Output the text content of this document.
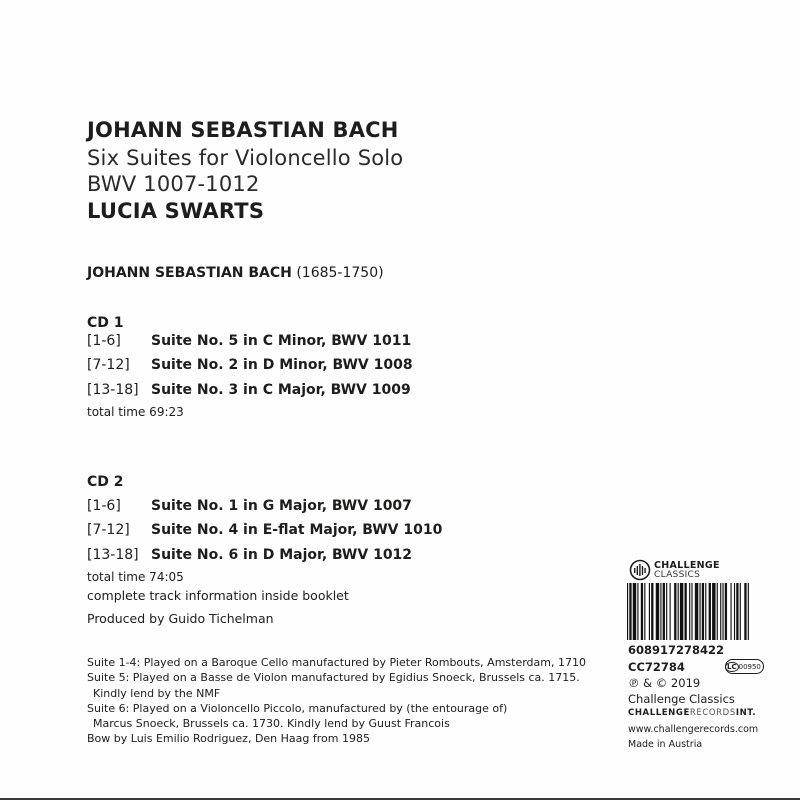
JOHANN SEBASTIAN BACH
Six Suites for Violoncello Solo
BWV 1007-1012
LUCIA SWARTS
JOHANN SEBASTIAN BACH (1685-1750)
CD 1
[1-6] Suite No. 5 in C Minor, BWV 1011
[7-12] Suite No. 2 in D Minor, BWV 1008
[13-18] Suite No. 3 in C Major, BWV 1009
total time 69:23
CD 2
[1-6] Suite No. 1 in G Major, BWV 1007
[7-12] Suite No. 4 in E-flat Major, BWV 1010
[13-18] Suite No. 6 in D Major, BWV 1012
total time 74:05
complete track information inside booklet
Produced by Guido Tichelman
Suite 1-4: Played on a Baroque Cello manufactured by Pieter Rombouts, Amsterdam, 1710
Suite 5: Played on a Basse de Violon manufactured by Egidius Snoeck, Brussels ca. 1715.
Kindly lend by the NMF
Suite 6: Played on a Violoncello Piccolo, manufactured by (the entourage of)
Marcus Snoeck, Brussels ca. 1730. Kindly lend by Guust Francois
Bow by Luis Emilio Rodriguez, Den Haag from 1985
CHALLENGE
CLASSICS
608917278422
CC72784	LC 00950
℗ & © 2019
Challenge Classics
CHALLENGERECORDSINT.
www.challengerecords.com
Made in Austria
